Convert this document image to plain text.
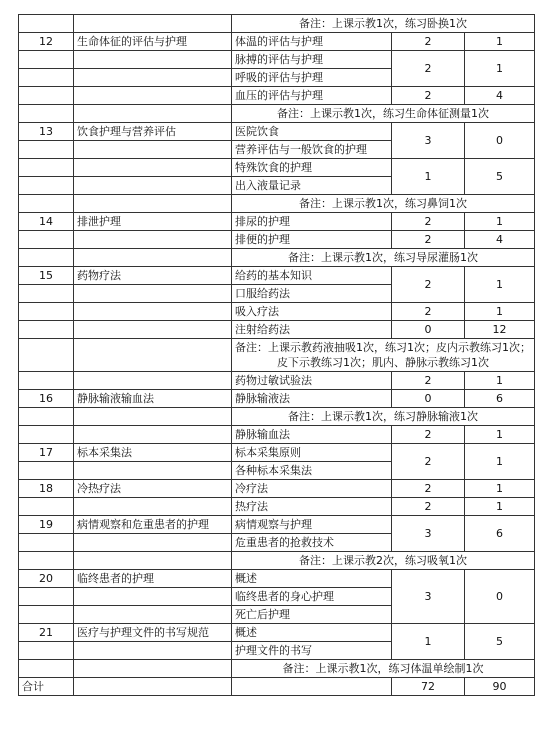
		备注：上课示教1次，练习卧换1次		
12	生命体征的评估与护理	体温的评估与护理	2	1
		脉搏的评估与护理	2	1
		呼吸的评估与护理		
		血压的评估与护理	2	4
		备注：上课示教1次，练习生命体征测量1次		
13	饮食护理与营养评估	医院饮食	3	0
		营养评估与一般饮食的护理		
		特殊饮食的护理	1	5
		出入液量记录		
		备注：上课示教1次，练习鼻饲1次		
14	排泄护理	排尿的护理	2	1
		排便的护理	2	4
		备注：上课示教1次，练习导尿灌肠1次		
15	药物疗法	给药的基本知识	2	1
		口服给药法		
		吸入疗法	2	1
		注射给药法	0	12
		备注：上课示教药液抽吸1次，练习1次；皮内示教练习1次；皮下示教练习1次；肌内、静脉示教练习1次		
		药物过敏试验法	2	1
16	静脉输液输血法	静脉输液法	0	6
		备注：上课示教1次，练习静脉输液1次		
		静脉输血法	2	1
17	标本采集法	标本采集原则	2	1
		各种标本采集法		
18	冷热疗法	冷疗法	2	1
		热疗法	2	1
19	病情观察和危重患者的护理	病情观察与护理	3	6
		危重患者的抢救技术		
		备注：上课示教2次，练习吸氧1次		
20	临终患者的护理	概述	3	0
		临终患者的身心护理		
		死亡后护理		
21	医疗与护理文件的书写规范	概述	1	5
		护理文件的书写		
		备注：上课示教1次，练习体温单绘制1次		
合计			72	90
